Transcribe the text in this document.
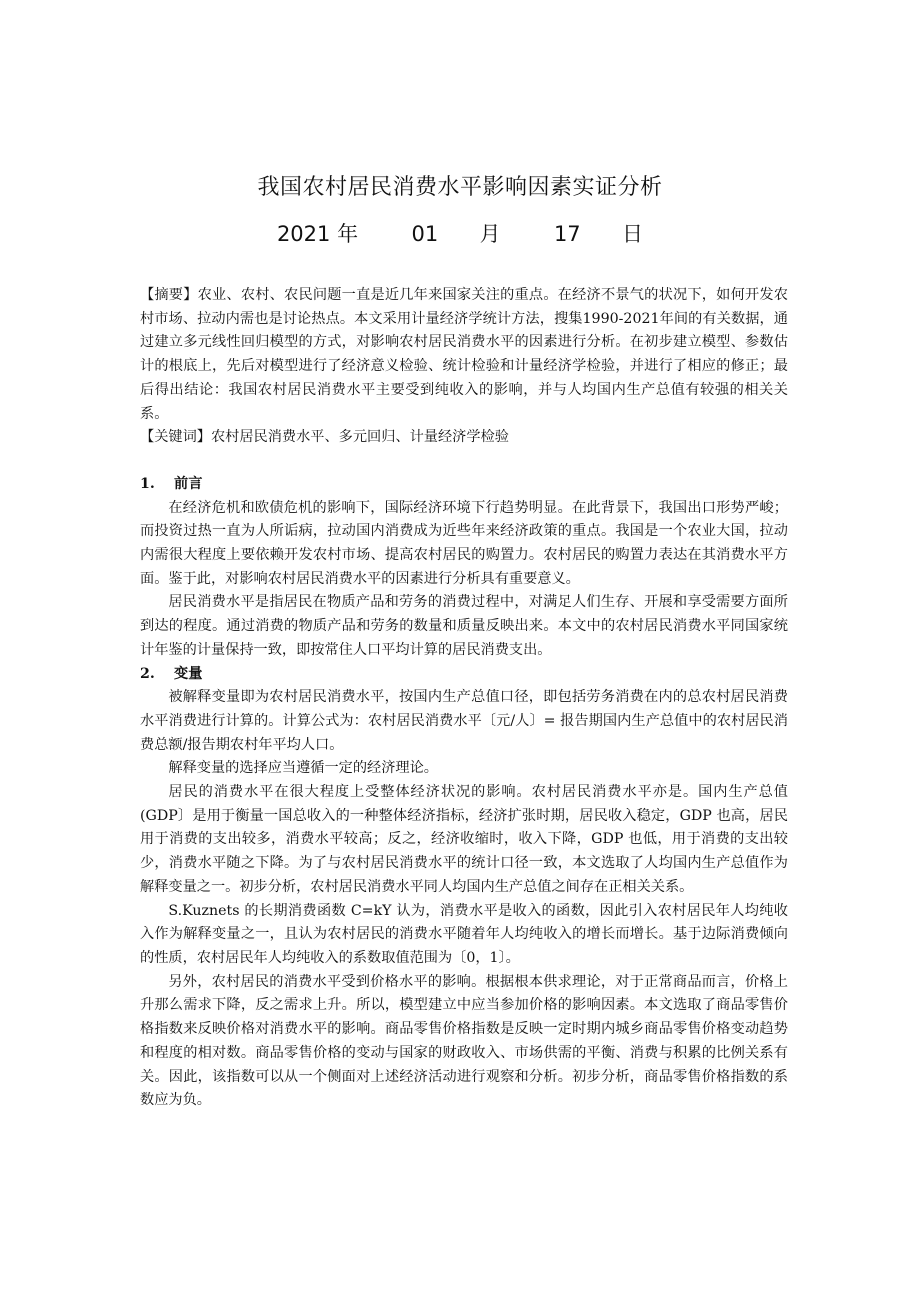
我国农村居民消费水平影响因素实证分析
2021 年	01 月	17 日

【摘要】农业、农村、农民问题一直是近几年来国家关注的重点。在经济不景气的状况下，如何开发农村市场、拉动内需也是讨论热点。本文采用计量经济学统计方法，搜集1990-2021年间的有关数据，通过建立多元线性回归模型的方式，对影响农村居民消费水平的因素进行分析。在初步建立模型、参数估计的根底上，先后对模型进行了经济意义检验、统计检验和计量经济学检验，并进行了相应的修正；最后得出结论：我国农村居民消费水平主要受到纯收入的影响，并与人均国内生产总值有较强的相关关系。

【关键词】农村居民消费水平、多元回归、计量经济学检验

1. 前言

在经济危机和欧债危机的影响下，国际经济环境下行趋势明显。在此背景下，我国出口形势严峻；而投资过热一直为人所诟病，拉动国内消费成为近些年来经济政策的重点。我国是一个农业大国，拉动内需很大程度上要依赖开发农村市场、提高农村居民的购置力。农村居民的购置力表达在其消费水平方面。鉴于此，对影响农村居民消费水平的因素进行分析具有重要意义。

居民消费水平是指居民在物质产品和劳务的消费过程中，对满足人们生存、开展和享受需要方面所到达的程度。通过消费的物质产品和劳务的数量和质量反映出来。本文中的农村居民消费水平同国家统计年鉴的计量保持一致，即按常住人口平均计算的居民消费支出。

2. 变量

被解释变量即为农村居民消费水平，按国内生产总值口径，即包括劳务消费在内的总农村居民消费水平消费进行计算的。计算公式为：农村居民消费水平〔元/人〕= 报告期国内生产总值中的农村居民消费总额/报告期农村年平均人口。

解释变量的选择应当遵循一定的经济理论。

居民的消费水平在很大程度上受整体经济状况的影响。农村居民消费水平亦是。国内生产总值(GDP〕是用于衡量一国总收入的一种整体经济指标，经济扩张时期，居民收入稳定，GDP 也高，居民用于消费的支出较多，消费水平较高；反之，经济收缩时，收入下降，GDP 也低，用于消费的支出较少，消费水平随之下降。为了与农村居民消费水平的统计口径一致，本文选取了人均国内生产总值作为解释变量之一。初步分析，农村居民消费水平同人均国内生产总值之间存在正相关关系。

S.Kuznets 的长期消费函数 C=kY 认为，消费水平是收入的函数，因此引入农村居民年人均纯收入作为解释变量之一，且认为农村居民的消费水平随着年人均纯收入的增长而增长。基于边际消费倾向的性质，农村居民年人均纯收入的系数取值范围为〔0，1〕。

另外，农村居民的消费水平受到价格水平的影响。根据根本供求理论，对于正常商品而言，价格上升那么需求下降，反之需求上升。所以，模型建立中应当参加价格的影响因素。本文选取了商品零售价格指数来反映价格对消费水平的影响。商品零售价格指数是反映一定时期内城乡商品零售价格变动趋势和程度的相对数。商品零售价格的变动与国家的财政收入、市场供需的平衡、消费与积累的比例关系有关。因此，该指数可以从一个侧面对上述经济活动进行观察和分析。初步分析，商品零售价格指数的系数应为负。
